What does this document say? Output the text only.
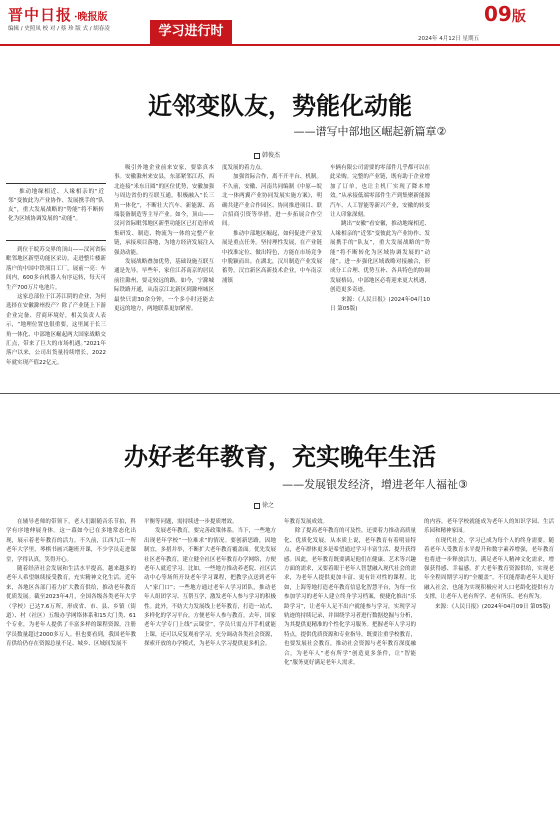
晋中日报 ·晚报版
编辑 / 史照凤 校 对 / 蔡 珍 版 式 / 胡春凌	学习进行时
09版
2024年 4月12日 星期五
近邻变队友，势能化动能
——谱写中部地区崛起新篇章②
韩俊杰
推动地缘相近、人缘相亲的“近邻”变彼此为产业协作、发展携手的“队友”，重大发展战略的“势能”将不断转化为区域协调发展的“动能”。

到位于皖苏交界的顶山——汊河省际毗邻地区新型功能区采访，走进整片楼新落户的中国中铁项目工厂，展前一亮：车间内，600多台机器人有序运转，每天可生产700万片电池片。

这家总部位于江苏江阴的企业，为何选择在安徽滁州投产？除了产业链上下游企业完备、营商环境好，相关负责人表示，“地理位置也很重要，这里属于长三角一体化、中部地区崛起两大国家战略交汇点，带来了巨大的市场机遇。”2021年落户以来，公司出货量持续增长，2022年就实现产值22亿元。

吸引外地企业前来安家，要靠真本事。安徽滁州来安县，东部紧邻江苏，西北连接“米东日圆”的区位优势，安徽加强与周边省份的互联互通，积极融入“长三角一体化”，不断壮大汽车、新能源、高端装备制造等主导产业。如今，顶山——汊河省际毗邻地区新型功能区已打造形成集研发、制造、物流为一体的完整产业链，承接项目落地，为地方经济发展注入强劲动能。

发展战略叠加优势，基础设施互联互通是先导。早些年，家住江苏南京的居民前往滁州，要走较远的路。如今，宁滁城际铁路开通，从南京江北新区到滁州城区最快只需30余分钟，一个多小时还能去更远的地方，两地联系更加紧密。

度发展的着力点。

加强省际合作，离不开平台、机制。不久前，安徽、河南共同编制《中原—皖北一体两翼产业协同发展实施方案》，明确共建产业合作园区、协同推进项目、联合招商引资等举措，进一步拓展合作空间。

推动中部地区崛起，如何促进产业发展是重点任务。坚持理性发展，在产业链中找准定位、做出特色，方能在市场竞争中脱颖而出。在湖北，汉川制造产业发展蓄势，汉宜新区高新技术企业，中车南京浦镇

车辆有限公司需要的零部件几乎都可以在此采购。完整的产业链，既有助于企业增加了订单，也让主机厂实现了降本增效。”从承接低端零部件生产到集聚新能源汽车、人工智能等新兴产业，安徽的转变让人印象深刻。

跳出“安徽”看安徽，推动地缘相近、人缘相亲的“近邻”变彼此为产业协作、发展携手的“队友”，重大发展战略的“势能”将不断转化为区域协调发展的“动能”。进一步强化区域战略对接融合，形成分工合理、优势互补、各具特色的协调发展格局，中部地区必将迎来更大机遇，创造更多奇迹。

来源：《人民日报》(2024年04月10日 第05版)

办好老年教育，充实晚年生活
——发展银发经济，增进老年人福祉③
徐之

在辅导老师的带领下，老人们跟随音乐节拍，科学有序地伸展身体。这一幕如今已在多地常态化出现，展示着老年教育的活力。不久前，江西九江一所老年大学里，琴棋书画兴趣班开课，不少学员走进课堂，学得认真，笑得开心。

随着经济社会发展和生活水平提高，越来越多的老年人希望继续接受教育，充实精神文化生活。近年来，各地区各部门着力扩大教育供给，推动老年教育优质发展。截至2023年4月，全国各级各类老年大学（学校）已达7.6万所，形成省、市、县、乡镇（街道）、村（社区）五级办学网络体系和15大门类、61个专业，为老年人提供了丰富多样的课程资源，注册学员数量超过2000多万人。但也要看到，我国老年教育供给仍存在资源总量不足、城乡、区域间发展不

平衡等问题，需持续进一步提质增效。

发展老年教育，要完善政策体系。当下，一些地方出现老年学校“一位难求”的情况。要创新思路，因地制宜，多措并举，不断扩大老年教育覆盖面。优先发展社区老年教育，建立健全社区老年教育办学网络，方便老年人就近学习。比如，一些地方推动养老院、社区活动中心等场所开设老年学习课程，把教学点送到老年人“家门口”；一些地方通过老年人学习团队，推动老年人组团学习、互帮互学，激发老年人参与学习的积极性。此外，不妨大力发展线上老年教育，打造一站式、多样化的学习平台，方便老年人参与教育。去年，国家老年大学专门上线“云课堂”，学员只需点开手机就能上课，还可以反复观看学习，充分调动各类社会资源，探索开放的办学模式，为老年人学习提供更多机会。

年教育发展成效。

除了提高老年教育的可及性，还要着力推动高质量化、优质化发展。从本质上说，老年教育有着明显特点，老年群体更多是希望通过学习丰富生活、提升获得感。因此，老年教育既要满足他们在健康、艺术等兴趣方面的需求，又要着眼于老年人智慧融入现代社会的需求，为老年人提供更加丰富、更有针对性的课程。比如，上海等地打造老年教育信息化智慧平台，为每一位参加学习的老年人建立终身学习档案，便捷化推出“乐龄学习”，让老年人足不出户就能参与学习，实现学习轨迹的持续记录，并围绕学习者进行数据挖掘与分析，为其提供更精准的个性化学习服务。把握老年人学习的特点，提供优质资源和专业指导，既要注重学校教育，也要发展社会教育，推动社会资源与老年教育深度融合，为老年人“老有所学”创造更多条件，让“智能化”服务更好满足老年人需求。

的内容，老年学校就能成为老年人的知识学园、生活乐园和精神家园。

在现代社会，学习已成为每个人的终身需要。随着老年人受教育水平提升和数字素养增强，老年教育也将进一步释放活力，满足老年人精神文化需求，增强获得感、幸福感。扩大老年教育资源供给，实现老年全程周期学习的“全覆盖”，不仅能帮助老年人更好融入社会，也能为实现积极应对人口老龄化提供有力支撑，让老年人老有所学、老有所乐、老有所为。

来源：《人民日报》(2024年04月09日 第05版)
